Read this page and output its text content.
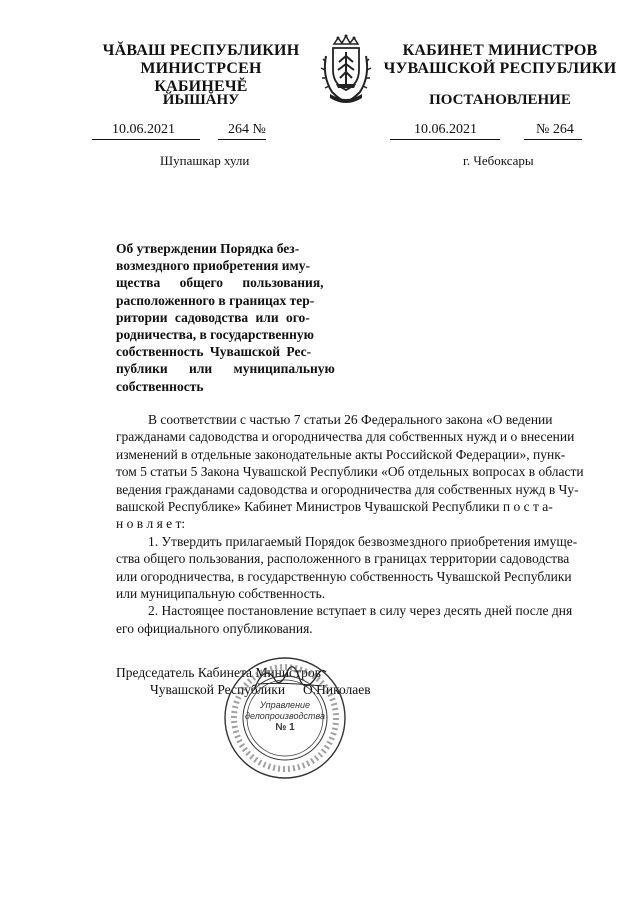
ЧĂВАШ РЕСПУБЛИКИН
МИНИСТРСЕН КАБИНЕЧĔ
ЙЫШĂНУ
КАБИНЕТ МИНИСТРОВ
ЧУВАШСКОЙ РЕСПУБЛИКИ
ПОСТАНОВЛЕНИЕ
10.06.2021	264 №	10.06.2021	№ 264
Шупашкар хули	г. Чебоксары
Об утверждении Порядка без-
возмездного приобретения иму-
щества общего пользования,
расположенного в границах тер-
ритории садоводства или ого-
родничества, в государственную
собственность Чувашской Рес-
публики или муниципальную
собственность
В соответствии с частью 7 статьи 26 Федерального закона «О ведении
гражданами садоводства и огородничества для собственных нужд и о внесении
изменений в отдельные законодательные акты Российской Федерации», пунк-
том 5 статьи 5 Закона Чувашской Республики «Об отдельных вопросах в области
ведения гражданами садоводства и огородничества для собственных нужд в Чу-
вашской Республике» Кабинет Министров Чувашской Республики п о с т а-
н о в л я е т:
1. Утвердить прилагаемый Порядок безвозмездного приобретения имуще-
ства общего пользования, расположенного в границах территории садоводства
или огородничества, в государственную собственность Чувашской Республики
или муниципальную собственность.
2. Настоящее постановление вступает в силу через десять дней после дня
его официального опубликования.
Председатель Кабинета Министров
Чувашской Республики О.Николаев
Управление
делопроизводства
№ 1
